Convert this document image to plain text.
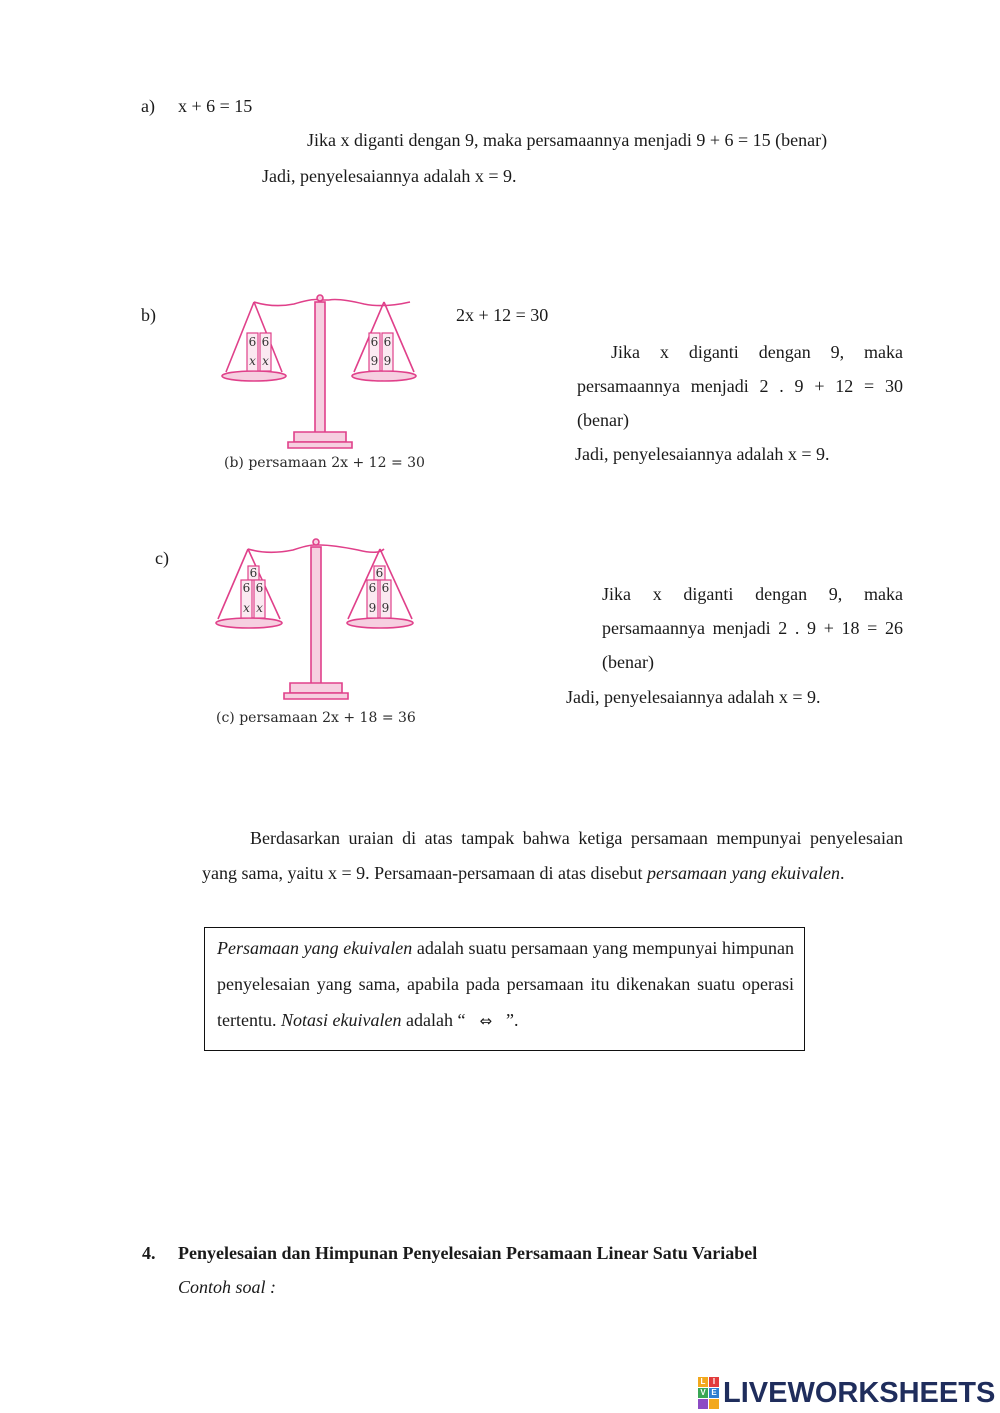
a) x + 6 = 15
Jika x diganti dengan 9, maka persamaannya menjadi 9 + 6 = 15 (benar)
Jadi, penyelesaiannya adalah x = 9.
b)	2x + 12 = 30
Jika x diganti dengan 9, maka persamaannya menjadi 2 . 9 + 12 = 30 (benar)
Jadi, penyelesaiannya adalah x = 9.
6 6
x x
6 6
9 9
(b) persamaan 2x + 12 = 30
c)
Jika x diganti dengan 9, maka persamaannya menjadi 2 . 9 + 18 = 26 (benar)
Jadi, penyelesaiannya adalah x = 9.
6
6 6
x x
6
6 6
9 9
(c) persamaan 2x + 18 = 36
Berdasarkan uraian di atas tampak bahwa ketiga persamaan mempunyai penyelesaian yang sama, yaitu x = 9. Persamaan-persamaan di atas disebut persamaan yang ekuivalen.
Persamaan yang ekuivalen adalah suatu persamaan yang mempunyai himpunan penyelesaian yang sama, apabila pada persamaan itu dikenakan suatu operasi tertentu. Notasi ekuivalen adalah “ ⇔ ”.
4. Penyelesaian dan Himpunan Penyelesaian Persamaan Linear Satu Variabel
Contoh soal :
L I
V E LIVEWORKSHEETS
